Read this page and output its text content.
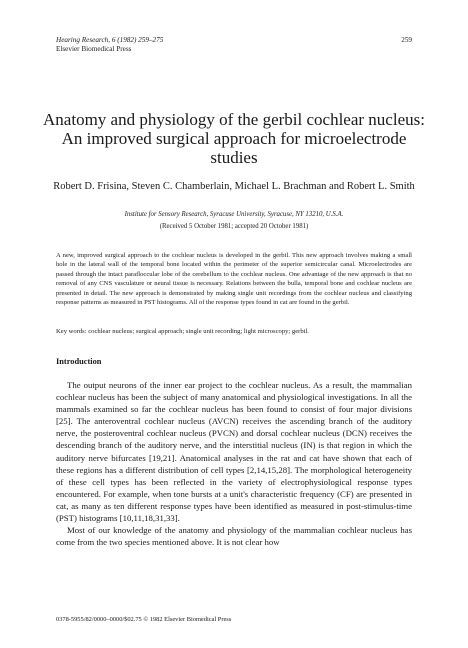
Hearing Research, 6 (1982) 259–275
Elsevier Biomedical Press
259
Anatomy and physiology of the gerbil cochlear nucleus: An improved surgical approach for microelectrode studies
Robert D. Frisina, Steven C. Chamberlain, Michael L. Brachman and Robert L. Smith
Institute for Sensory Research, Syracuse University, Syracuse, NY 13210, U.S.A.
(Received 5 October 1981; accepted 20 October 1981)

A new, improved surgical approach to the cochlear nucleus is developed in the gerbil. This new approach involves making a small hole in the lateral wall of the temporal bone located within the perimeter of the superior semicircular canal. Microelectrodes are passed through the intact parafloccular lobe of the cerebellum to the cochlear nucleus. One advantage of the new approach is that no removal of any CNS vasculature or neural tissue is necessary. Relations between the bulla, temporal bone and cochlear nucleus are presented in detail. The new approach is demonstrated by making single unit recordings from the cochlear nucleus and classifying response patterns as measured in PST histograms. All of the response types found in cat are found in the gerbil.

Key words: cochlear nucleus; surgical approach; single unit recording; light microscopy; gerbil.
Introduction

The output neurons of the inner ear project to the cochlear nucleus. As a result, the mammalian cochlear nucleus has been the subject of many anatomical and physiological investigations. In all the mammals examined so far the cochlear nucleus has been found to consist of four major divisions [25]. The anteroventral cochlear nucleus (AVCN) receives the ascending branch of the auditory nerve, the posteroventral cochlear nucleus (PVCN) and dorsal cochlear nucleus (DCN) receives the descending branch of the auditory nerve, and the interstitial nucleus (IN) is that region in which the auditory nerve bifurcates [19,21]. Anatomical analyses in the rat and cat have shown that each of these regions has a different distribution of cell types [2,14,15,28]. The morphological heterogeneity of these cell types has been reflected in the variety of electrophysiological response types encountered. For example, when tone bursts at a unit's characteristic frequency (CF) are presented in cat, as many as ten different response types have been identified as measured in post-stimulus-time (PST) histograms [10,11,18,31,33].

Most of our knowledge of the anatomy and physiology of the mammalian cochlear nucleus has come from the two species mentioned above. It is not clear how

0378-5955/82/0000–0000/$02.75 © 1982 Elsevier Biomedical Press
